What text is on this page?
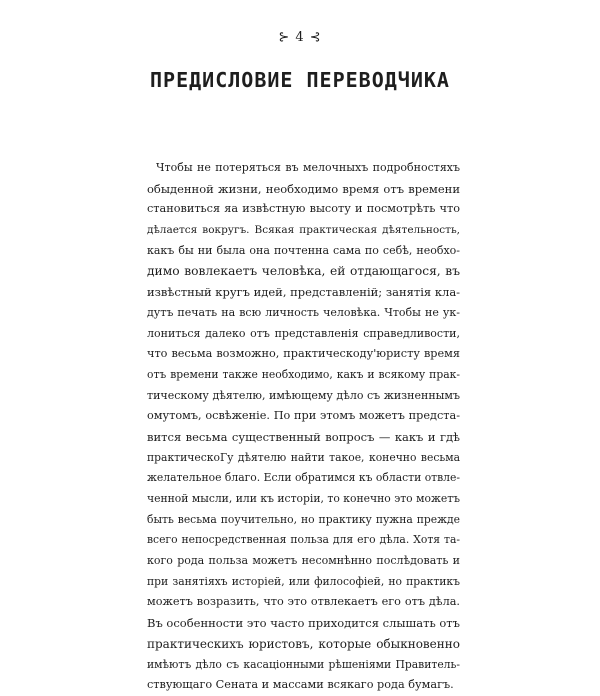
⊱ 4 ⊰
ПРЕДИСЛОВИЕ ПЕРЕВОДЧИКА
Чтобы не потеряться въ мелочныхъ подробностяхъ
обыденной жизни, необходимо время отъ времени
становиться яа извѣстную высоту и посмотрѣть что
дѣлается вокругъ. Всякая практическая дѣятельность,
какъ бы ни была она почтенна сама по себѣ, необхо-
димо вовлекаетъ человѣка, ей отдающагося, въ
извѣстный кругъ идей, представленій; занятія кла-
дутъ печать на всю личность человѣка. Чтобы не ук-
лониться далеко отъ представленія справедливости,
что весьма возможно, практическоду'юристу время
отъ времени также необходимо, какъ и всякому прак-
тическому дѣятелю, имѣющему дѣло съ жизненнымъ
омутомъ, освѣженіе. По при этомъ можетъ предста-
вится весьма существенный вопросъ — какъ и гдѣ
практическоГу дѣятелю найти такое, конечно весьма
желательное благо. Если обратимся къ области отвле-
ченной мысли, или къ исторіи, то конечно это можетъ
быть весьма поучительно, но практику пужна прежде
всего непосредственная польза для его дѣла. Хотя та-
кого рода польза можетъ несомнѣнно послѣдовать и
при занятіяхъ исторіей, или философіей, но практикъ
можетъ возразить, что это отвлекаетъ его отъ дѣла.
Въ особенности это часто приходится слышать отъ
практическихъ юристовъ, которые обыкновенно
имѣютъ дѣло съ касаціонными рѣшеніями Правитель-
ствующаго Сената и массами всякаго рода бумагъ.
